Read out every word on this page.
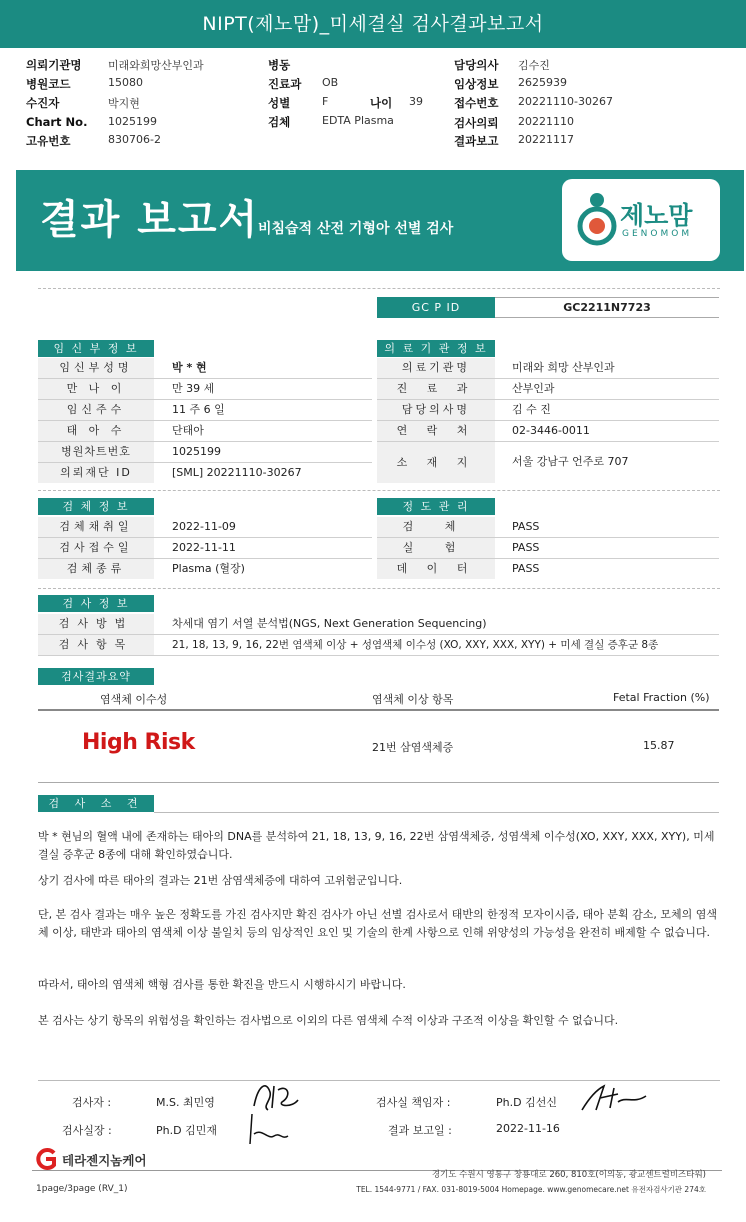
NIPT(제노맘)_미세결실 검사결과보고서
의뢰기관명 미래와희망산부인과
병원코드	15080
수진자	박지현
Chart No. 1025199
고유번호	830706-2
병동
진료과 OB
성별	F	나이 39
검체	EDTA Plasma
담당의사 김수진
임상정보 2625939
접수번호 20221110-30267
검사의뢰 20221110
결과보고 20221117
결과 보고서
비침습적 산전 기형아 선별 검사	제노맘
GENOMOM
GC P ID	GC2211N7723
임 신 부 정 보
임신부성명	박 * 현
만 나 이	만 39 세
임신주수	11 주 6 일
태 아 수	단태아
병원차트번호	1025199
의뢰재단 ID	[SML] 20221110-30267
의 료 기 관 정 보
의료기관명	미래와 희망 산부인과
진 료 과	산부인과
담당의사명	김 수 진
연 락 처	02-3446-0011
소 재 지	서울 강남구 언주로 707
검 체 정 보
검체채취일	2022-11-09
검사접수일	2022-11-11
검체종류	Plasma (혈장)
정 도 관 리
검 체	PASS
실 험	PASS
데 이 터	PASS
검 사 정 보
검사방법	차세대 염기 서열 분석법(NGS, Next Generation Sequencing)
검사항목	21, 18, 13, 9, 16, 22번 염색체 이상 + 성염색체 이수성 (XO, XXY, XXX, XYY) + 미세 결실 증후군 8종
검사결과요약
염색체 이수성	염색체 이상 항목	Fetal Fraction (%)
High Risk	21번 삼염색체증	15.87
검 사 소 견
박 * 현님의 혈액 내에 존재하는 태아의 DNA를 분석하여 21, 18, 13, 9, 16, 22번 삼염색체증, 성염색체 이수성(XO, XXY, XXX, XYY), 미세 결실 증후군 8종에 대해 확인하였습니다.
상기 검사에 따른 태아의 결과는 21번 삼염색체증에 대하여 고위험군입니다.
단, 본 검사 결과는 매우 높은 정확도를 가진 검사지만 확진 검사가 아닌 선별 검사로서 태반의 한정적 모자이시즘, 태아 분획 감소, 모체의 염색체 이상, 태반과 태아의 염색체 이상 불일치 등의 임상적인 요인 및 기술의 한계 사항으로 인해 위양성의 가능성을 완전히 배제할 수 없습니다.
따라서, 태아의 염색체 핵형 검사를 통한 확진을 반드시 시행하시기 바랍니다.
본 검사는 상기 항목의 위험성을 확인하는 검사법으로 이외의 다른 염색체 수적 이상과 구조적 이상을 확인할 수 없습니다.
검사자 :	M.S. 최민영
검사실장 :	Ph.D 김민재
검사실 책임자 :	Ph.D 김선신
결과 보고일 :	2022-11-16
테라젠지놈케어
경기도 수원시 영통구 창룡대로 260, 810호(이의동, 광교센트럴비즈타워)
TEL. 1544-9771 / FAX. 031-8019-5004 Homepage. www.genomecare.net 유전자검사기관 274호
1page/3page (RV_1)
